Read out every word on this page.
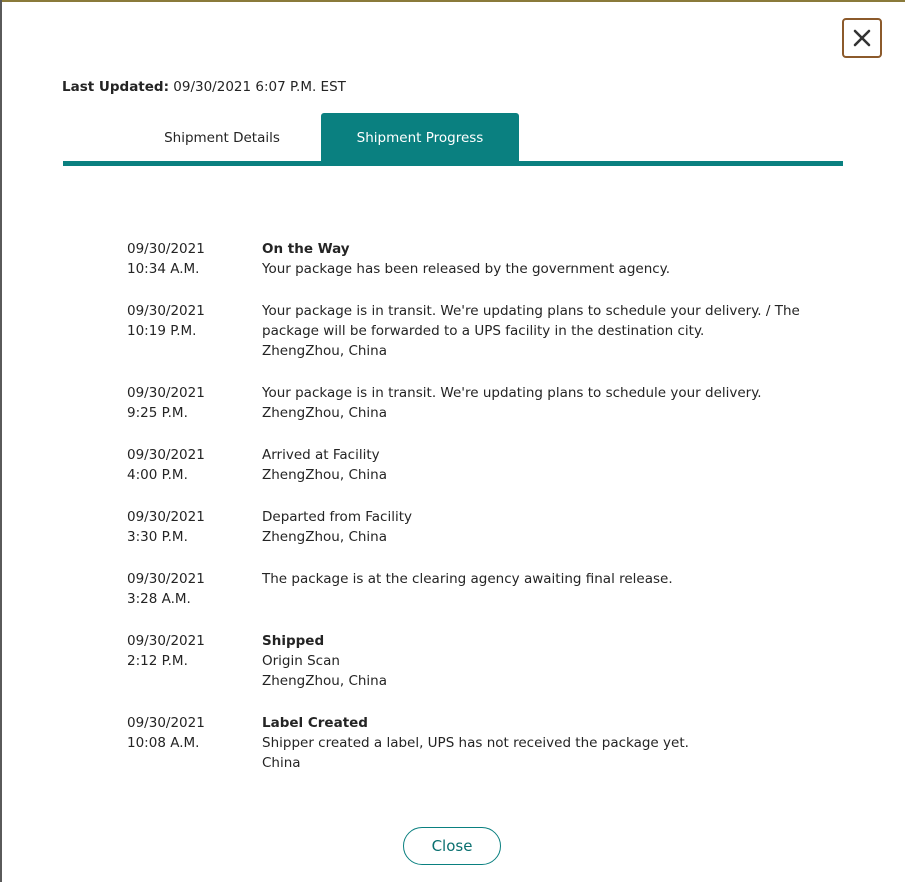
Last Updated: 09/30/2021 6:07 P.M. EST
Shipment Details	Shipment Progress
09/30/2021
10:34 A.M.
On the Way
Your package has been released by the government agency.
09/30/2021
10:19 P.M.
Your package is in transit. We're updating plans to schedule your delivery. / The package will be forwarded to a UPS facility in the destination city.
ZhengZhou, China
09/30/2021
9:25 P.M.
Your package is in transit. We're updating plans to schedule your delivery.
ZhengZhou, China
09/30/2021
4:00 P.M.
Arrived at Facility
ZhengZhou, China
09/30/2021
3:30 P.M.
Departed from Facility
ZhengZhou, China
09/30/2021
3:28 A.M.
The package is at the clearing agency awaiting final release.
09/30/2021
2:12 P.M.
Shipped
Origin Scan
ZhengZhou, China
09/30/2021
10:08 A.M.
Label Created
Shipper created a label, UPS has not received the package yet.
China
Close
